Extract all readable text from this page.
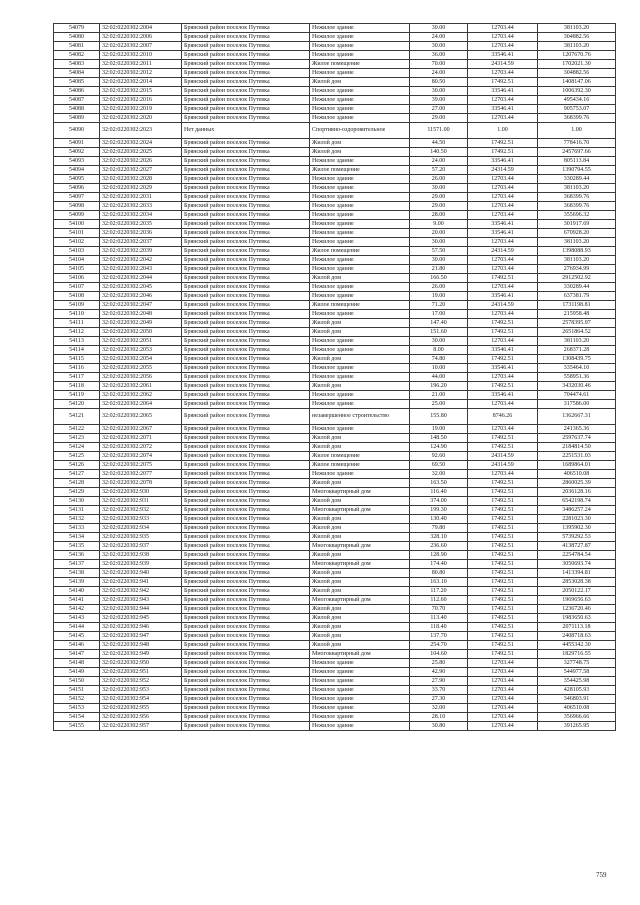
54079	32:02:0220302:2004	Брянский район поселок Путевка	Нежилое здание	30.00	12703.44	381103.20
54080	32:02:0220302:2006	Брянский район поселок Путевка	Нежилое здание	24.00	12703.44	304882.56
54081	32:02:0220302:2007	Брянский район поселок Путевка	Нежилое здание	30.00	12703.44	381103.20
54082	32:02:0220302:2010	Брянский район поселок Путевка	Нежилое здание	36.00	33546.41	1207670.76
54083	32:02:0220302:2011	Брянский район поселок Путевка	Жилое помещение	70.00	24314.59	1702021.30
54084	32:02:0220302:2012	Брянский район поселок Путевка	Нежилое здание	24.00	12703.44	304882.56
54085	32:02:0220302:2014	Брянский район поселок Путевка	Жилой дом	80.50	17492.51	1408147.06
54086	32:02:0220302:2015	Брянский район поселок Путевка	Нежилое здание	30.00	33546.41	1006392.30
54087	32:02:0220302:2016	Брянский район поселок Путевка	Нежилое здание	39.00	12703.44	495434.16
54088	32:02:0220302:2019	Брянский район поселок Путевка	Нежилое здание	27.00	33546.41	905753.07
54089	32:02:0220302:2020	Брянский район поселок Путевка	Нежилое здание	29.00	12703.44	368399.76
54090	32:02:0220302:2023	Нет данных	Спортивно-оздоровительное	11571.00	1.00	1.00
54091	32:02:0220302:2024	Брянский район поселок Путевка	Жилой дом	44.50	17492.51	778416.70
54092	32:02:0220302:2025	Брянский район поселок Путевка	Жилой дом	140.50	17492.51	2457697.66
54093	32:02:0220302:2026	Брянский район поселок Путевка	Нежилое здание	24.00	33546.41	805113.84
54094	32:02:0220302:2027	Брянский район поселок Путевка	Жилое помещение	57.20	24314.59	1390794.55
54095	32:02:0220302:2028	Брянский район поселок Путевка	Нежилое здание	26.00	12703.44	330289.44
54096	32:02:0220302:2029	Брянский район поселок Путевка	Нежилое здание	30.00	12703.44	381103.20
54097	32:02:0220302:2031	Брянский район поселок Путевка	Нежилое здание	29.00	12703.44	368399.76
54098	32:02:0220302:2033	Брянский район поселок Путевка	Нежилое здание	29.00	12703.44	368399.76
54099	32:02:0220302:2034	Брянский район поселок Путевка	Нежилое здание	28.00	12703.44	355696.32
54100	32:02:0220302:2035	Брянский район поселок Путевка	Нежилое здание	9.00	33546.41	301917.69
54101	32:02:0220302:2036	Брянский район поселок Путевка	Нежилое здание	20.00	33546.41	670928.20
54102	32:02:0220302:2037	Брянский район поселок Путевка	Нежилое здание	30.00	12703.44	381103.20
54103	32:02:0220302:2039	Брянский район поселок Путевка	Жилое помещение	57.50	24314.59	1398088.93
54104	32:02:0220302:2042	Брянский район поселок Путевка	Нежилое здание	30.00	12703.44	381103.20
54105	32:02:0220302:2043	Брянский район поселок Путевка	Нежилое здание	21.80	12703.44	276934.99
54106	32:02:0220302:2044	Брянский район поселок Путевка	Жилой дом	166.50	17492.51	2912502.92
54107	32:02:0220302:2045	Брянский район поселок Путевка	Нежилое здание	26.00	12703.44	330289.44
54108	32:02:0220302:2046	Брянский район поселок Путевка	Нежилое здание	19.00	33546.41	637381.79
54109	32:02:0220302:2047	Брянский район поселок Путевка	Жилое помещение	71.20	24314.59	1731198.81
54110	32:02:0220302:2048	Брянский район поселок Путевка	Нежилое здание	17.00	12703.44	215958.48
54111	32:02:0220302:2049	Брянский район поселок Путевка	Жилой дом	147.40	17492.51	2578395.97
54112	32:02:0220302:2050	Брянский район поселок Путевка	Жилой дом	151.60	17492.51	2651864.52
54113	32:02:0220302:2051	Брянский район поселок Путевка	Нежилое здание	30.00	12703.44	381103.20
54114	32:02:0220302:2053	Брянский район поселок Путевка	Нежилое здание	8.00	33546.41	268371.28
54115	32:02:0220302:2054	Брянский район поселок Путевка	Жилой дом	74.80	17492.51	1308439.75
54116	32:02:0220302:2055	Брянский район поселок Путевка	Нежилое здание	10.00	33546.41	335464.10
54117	32:02:0220302:2056	Брянский район поселок Путевка	Нежилое здание	44.00	12703.44	558951.36
54118	32:02:0220302:2061	Брянский район поселок Путевка	Жилой дом	196.20	17492.51	3432030.46
54119	32:02:0220302:2062	Брянский район поселок Путевка	Нежилое здание	21.00	33546.41	704474.61
54120	32:02:0220302:2064	Брянский район поселок Путевка	Нежилое здание	25.00	12703.44	317586.00
54121	32:02:0220302:2065	Брянский район поселок Путевка	незавершенное строительство	155.80	8746.26	1362667.31
54122	32:02:0220302:2067	Брянский район поселок Путевка	Нежилое здание	19.00	12703.44	241365.36
54123	32:02:0220302:2071	Брянский район поселок Путевка	Жилой дом	148.50	17492.51	2597637.74
54124	32:02:0220302:2072	Брянский район поселок Путевка	Жилой дом	124.90	17492.51	2184814.50
54125	32:02:0220302:2074	Брянский район поселок Путевка	Жилое помещение	92.60	24314.59	2251531.03
54126	32:02:0220302:2075	Брянский район поселок Путевка	Жилое помещение	69.50	24314.59	1689864.01
54127	32:02:0220302:2077	Брянский район поселок Путевка	Нежилое здание	32.00	12703.44	406510.08
54128	32:02:0220302:2078	Брянский район поселок Путевка	Жилой дом	163.50	17492.51	2860025.39
54129	32:02:0220302:930	Брянский район поселок Путевка	Многоквартирный дом	116.40	17492.51	2036128.16
54130	32:02:0220302:931	Брянский район поселок Путевка	Жилой дом	374.00	17492.51	6542198.74
54131	32:02:0220302:932	Брянский район поселок Путевка	Многоквартирный дом	199.30	17492.51	3486257.24
54132	32:02:0220302:933	Брянский район поселок Путевка	Жилой дом	130.40	17492.51	2281023.30
54133	32:02:0220302:934	Брянский район поселок Путевка	Жилой дом	79.80	17492.51	1395902.30
54134	32:02:0220302:935	Брянский район поселок Путевка	Жилой дом	328.10	17492.51	5739292.53
54135	32:02:0220302:937	Брянский район поселок Путевка	Многоквартирный дом	236.60	17492.51	4138727.87
54136	32:02:0220302:938	Брянский район поселок Путевка	Жилой дом	128.90	17492.51	2254784.54
54137	32:02:0220302:939	Брянский район поселок Путевка	Многоквартирный дом	174.40	17492.51	3050693.74
54138	32:02:0220302:940	Брянский район поселок Путевка	Жилой дом	80.80	17492.51	1413394.81
54139	32:02:0220302:941	Брянский район поселок Путевка	Жилой дом	163.10	17492.51	2853028.38
54140	32:02:0220302:942	Брянский район поселок Путевка	Жилой дом	117.20	17492.51	2050122.17
54141	32:02:0220302:943	Брянский район поселок Путевка	Многоквартирный дом	112.60	17492.51	1969656.63
54142	32:02:0220302:944	Брянский район поселок Путевка	Жилой дом	70.70	17492.51	1236720.46
54143	32:02:0220302:945	Брянский район поселок Путевка	Жилой дом	113.40	17492.51	1983650.63
54144	32:02:0220302:946	Брянский район поселок Путевка	Жилой дом	118.40	17492.51	2071113.18
54145	32:02:0220302:947	Брянский район поселок Путевка	Жилой дом	137.70	17492.51	2408718.63
54146	32:02:0220302:948	Брянский район поселок Путевка	Жилой дом	254.70	17492.51	4455342.30
54147	32:02:0220302:949	Брянский район поселок Путевка	Многоквартирный дом	104.60	17492.51	1829716.55
54148	32:02:0220302:950	Брянский район поселок Путевка	Нежилое здание	25.80	12703.44	327748.75
54149	32:02:0220302:951	Брянский район поселок Путевка	Нежилое здание	42.90	12703.44	544977.58
54150	32:02:0220302:952	Брянский район поселок Путевка	Нежилое здание	27.90	12703.44	354425.98
54151	32:02:0220302:953	Брянский район поселок Путевка	Нежилое здание	33.70	12703.44	428105.93
54152	32:02:0220302:954	Брянский район поселок Путевка	Нежилое здание	27.30	12703.44	346803.91
54153	32:02:0220302:955	Брянский район поселок Путевка	Нежилое здание	32.00	12703.44	406510.08
54154	32:02:0220302:956	Брянский район поселок Путевка	Нежилое здание	28.10	12703.44	356966.66
54155	32:02:0220302:957	Брянский район поселок Путевка	Нежилое здание	30.80	12703.44	391265.95
759
